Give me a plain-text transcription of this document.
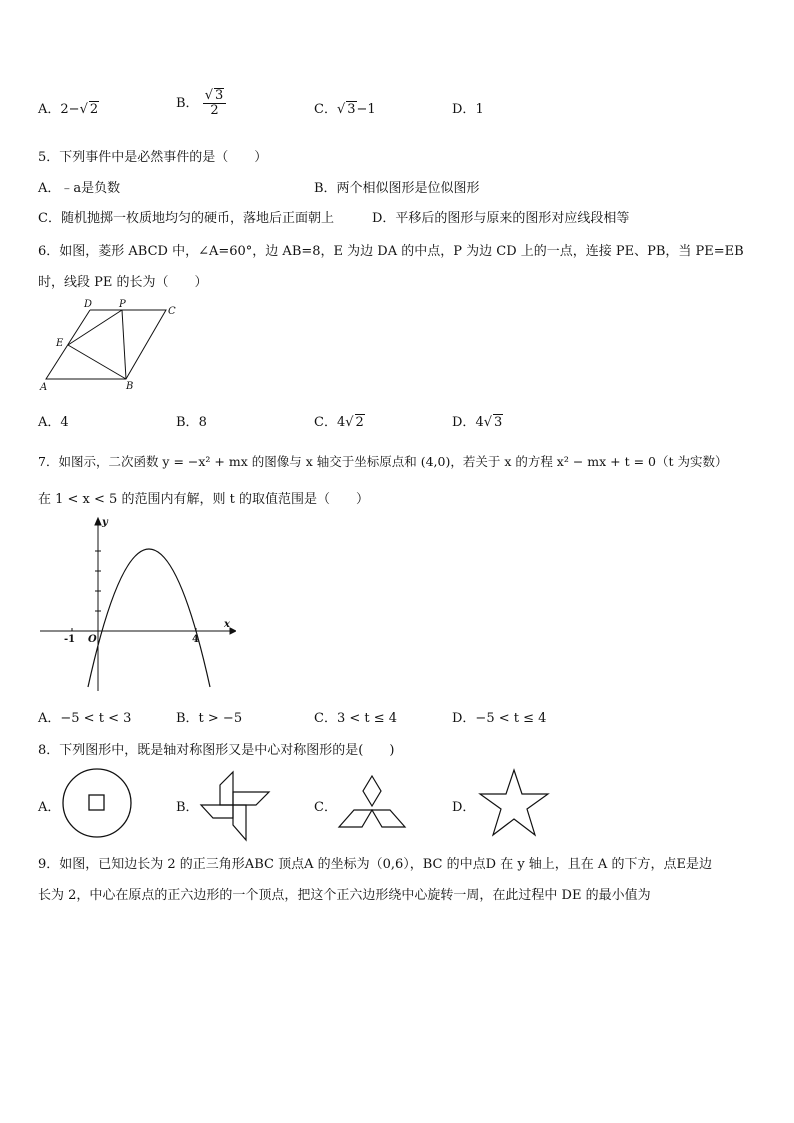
A．2−√ 2	B． $\frac{√ 3}{2}$	C．√ 3−1	D．1
5．下列事件中是必然事件的是（　　）
A．﹣a是负数	B．两个相似图形是位似图形
C．随机抛掷一枚质地均匀的硬币，落地后正面朝上	D．平移后的图形与原来的图形对应线段相等
6．如图，菱形 ABCD 中，∠A=60°，边 AB=8，E 为边 DA 的中点，P 为边 CD 上的一点，连接 PE、PB，当 PE=EB
时，线段 PE 的长为（　　）
D	P
C
E
A	B
A．4	B．8	C．4√ 2	D．4√ 3
7．如图示，二次函数 y = −x² + mx 的图像与 x 轴交于坐标原点和 (4,0)，若关于 x 的方程 x² − mx + t = 0（t 为实数）
在 1 < x < 5 的范围内有解，则 t 的取值范围是（　　）
y
x
-1 O	4
A．−5 < t < 3	B．t > −5	C．3 < t ≤ 4	D．−5 < t ≤ 4
8．下列图形中，既是轴对称图形又是中心对称图形的是(　　)
A．	B．	C．	D．
9．如图，已知边长为 2 的正三角形ABC 顶点A 的坐标为（0,6），BC 的中点D 在 y 轴上，且在 A 的下方，点E是边
长为 2，中心在原点的正六边形的一个顶点，把这个正六边形绕中心旋转一周，在此过程中 DE 的最小值为
